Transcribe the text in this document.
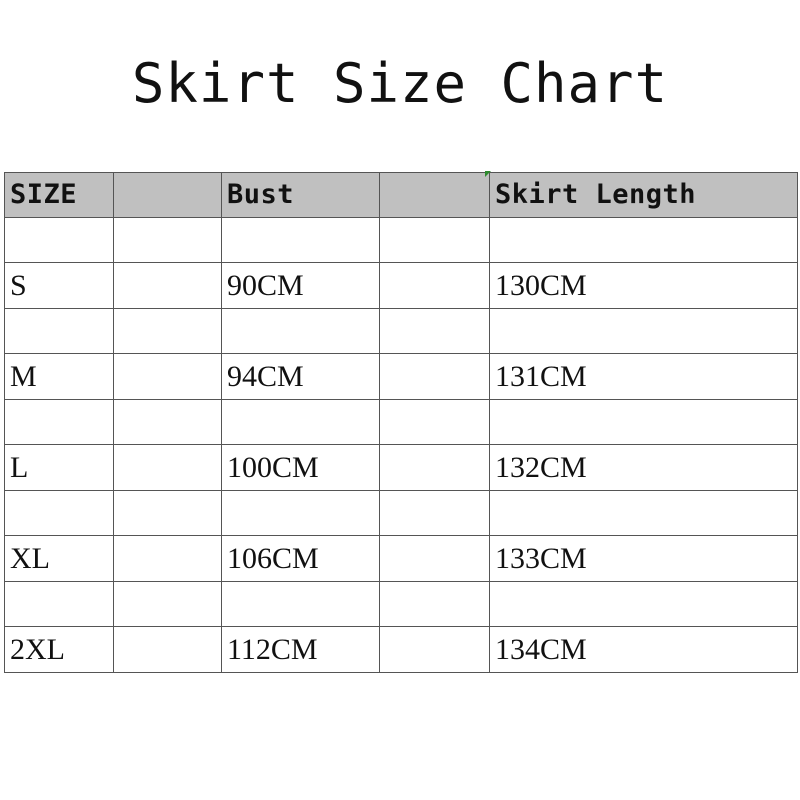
Skirt Size Chart
SIZE		Bust		Skirt Length

S		90CM		130CM

M		94CM		131CM

L		100CM		132CM

XL		106CM		133CM

2XL		112CM		134CM
